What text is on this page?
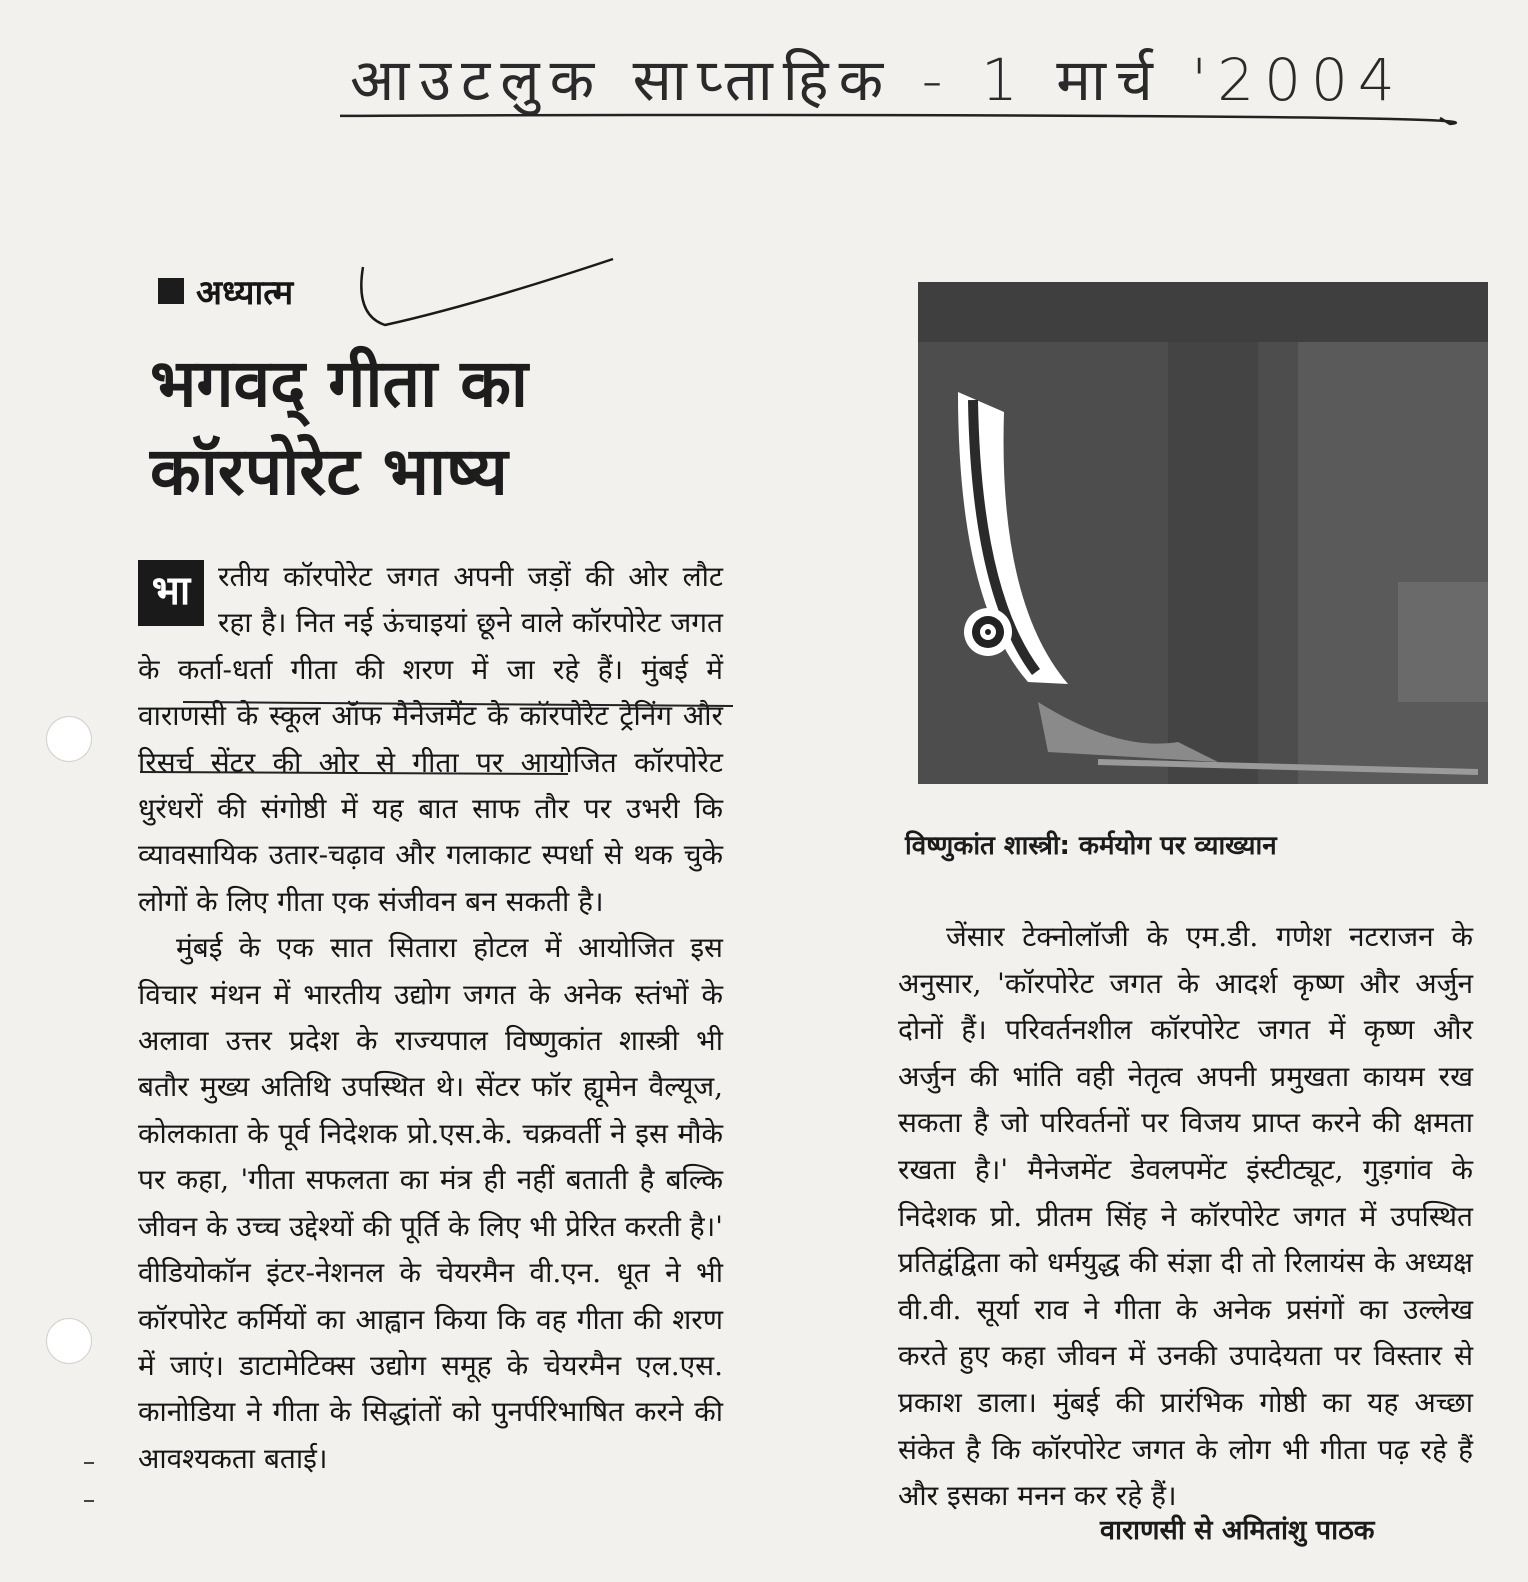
आउटलुक साप्ताहिक - 1 मार्च '2004
अध्यात्म
भगवद् गीता का
कॉरपोरेट भाष्य

भा रतीय कॉरपोरेट जगत अपनी जड़ों की ओर लौट रहा है। नित नई ऊंचाइयां छूने वाले कॉरपोरेट जगत के कर्ता-धर्ता गीता की शरण में जा रहे हैं। मुंबई में वाराणसी के स्कूल ऑफ मैनेजमेंट के कॉरपोरेट ट्रेनिंग और रिसर्च सेंटर की ओर से गीता पर आयोजित कॉरपोरेट धुरंधरों की संगोष्ठी में यह बात साफ तौर पर उभरी कि व्यावसायिक उतार-चढ़ाव और गलाकाट स्पर्धा से थक चुके लोगों के लिए गीता एक संजीवन बन सकती है।

मुंबई के एक सात सितारा होटल में आयोजित इस विचार मंथन में भारतीय उद्योग जगत के अनेक स्तंभों के अलावा उत्तर प्रदेश के राज्यपाल विष्णुकांत शास्त्री भी बतौर मुख्य अतिथि उपस्थित थे। सेंटर फॉर ह्यूमेन वैल्यूज, कोलकाता के पूर्व निदेशक प्रो.एस.के. चक्रवर्ती ने इस मौके पर कहा, 'गीता सफलता का मंत्र ही नहीं बताती है बल्कि जीवन के उच्च उद्देश्यों की पूर्ति के लिए भी प्रेरित करती है।' वीडियोकॉन इंटर-नेशनल के चेयरमैन वी.एन. धूत ने भी कॉरपोरेट कर्मियों का आह्वान किया कि वह गीता की शरण में जाएं। डाटामेटिक्स उद्योग समूह के चेयरमैन एल.एस. कानोडिया ने गीता के सिद्धांतों को पुनर्परिभाषित करने की आवश्यकता बताई।

विष्णुकांत शास्त्री: कर्मयोग पर व्याख्यान

जेंसार टेक्नोलॉजी के एम.डी. गणेश नटराजन के अनुसार, 'कॉरपोरेट जगत के आदर्श कृष्ण और अर्जुन दोनों हैं। परिवर्तनशील कॉरपोरेट जगत में कृष्ण और अर्जुन की भांति वही नेतृत्व अपनी प्रमुखता कायम रख सकता है जो परिवर्तनों पर विजय प्राप्त करने की क्षमता रखता है।' मैनेजमेंट डेवलपमेंट इंस्टीट्यूट, गुड़गांव के निदेशक प्रो. प्रीतम सिंह ने कॉरपोरेट जगत में उपस्थित प्रतिद्वंद्विता को धर्मयुद्ध की संज्ञा दी तो रिलायंस के अध्यक्ष वी.वी. सूर्या राव ने गीता के अनेक प्रसंगों का उल्लेख करते हुए कहा जीवन में उनकी उपादेयता पर विस्तार से प्रकाश डाला। मुंबई की प्रारंभिक गोष्ठी का यह अच्छा संकेत है कि कॉरपोरेट जगत के लोग भी गीता पढ़ रहे हैं और इसका मनन कर रहे हैं।

वाराणसी से अमितांशु पाठक
